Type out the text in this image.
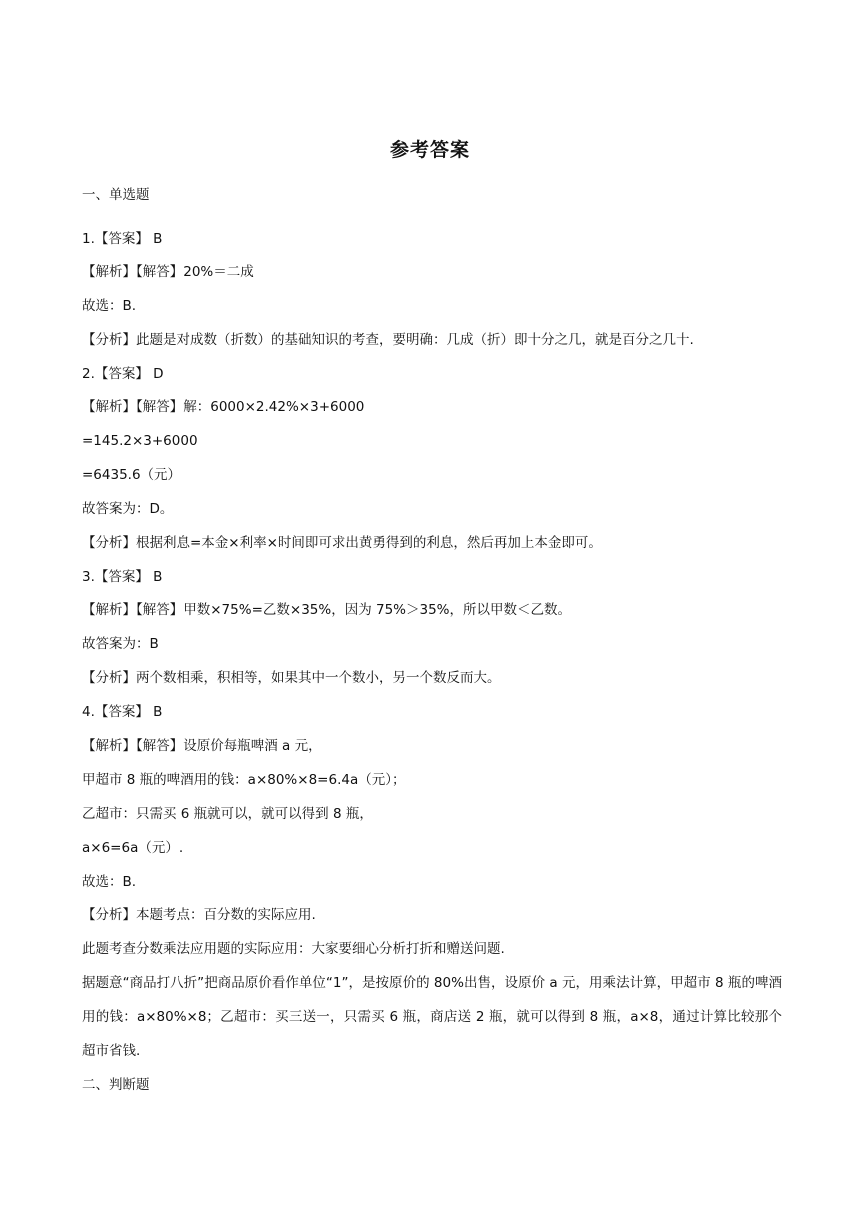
参考答案
一、单选题
1.【答案】 B
【解析】【解答】20%＝二成
故选：B.
【分析】此题是对成数（折数）的基础知识的考查，要明确：几成（折）即十分之几，就是百分之几十.
2.【答案】 D
【解析】【解答】解：6000×2.42%×3+6000
=145.2×3+6000
=6435.6（元）
故答案为：D。
【分析】根据利息=本金×利率×时间即可求出黄勇得到的利息，然后再加上本金即可。
3.【答案】 B
【解析】【解答】甲数×75%=乙数×35%，因为 75%＞35%，所以甲数＜乙数。
故答案为：B
【分析】两个数相乘，积相等，如果其中一个数小，另一个数反而大。
4.【答案】 B
【解析】【解答】设原价每瓶啤酒 a 元，
甲超市 8 瓶的啤酒用的钱：a×80%×8=6.4a（元）；
乙超市：只需买 6 瓶就可以，就可以得到 8 瓶，
a×6=6a（元）.
故选：B.
【分析】本题考点：百分数的实际应用.
此题考查分数乘法应用题的实际应用：大家要细心分析打折和赠送问题.
据题意“商品打八折”把商品原价看作单位“1”，是按原价的 80%出售，设原价 a 元，用乘法计算，甲超市 8 瓶的啤酒用的钱：a×80%×8；乙超市：买三送一，只需买 6 瓶，商店送 2 瓶，就可以得到 8 瓶，a×8，通过计算比较那个超市省钱.
二、判断题
